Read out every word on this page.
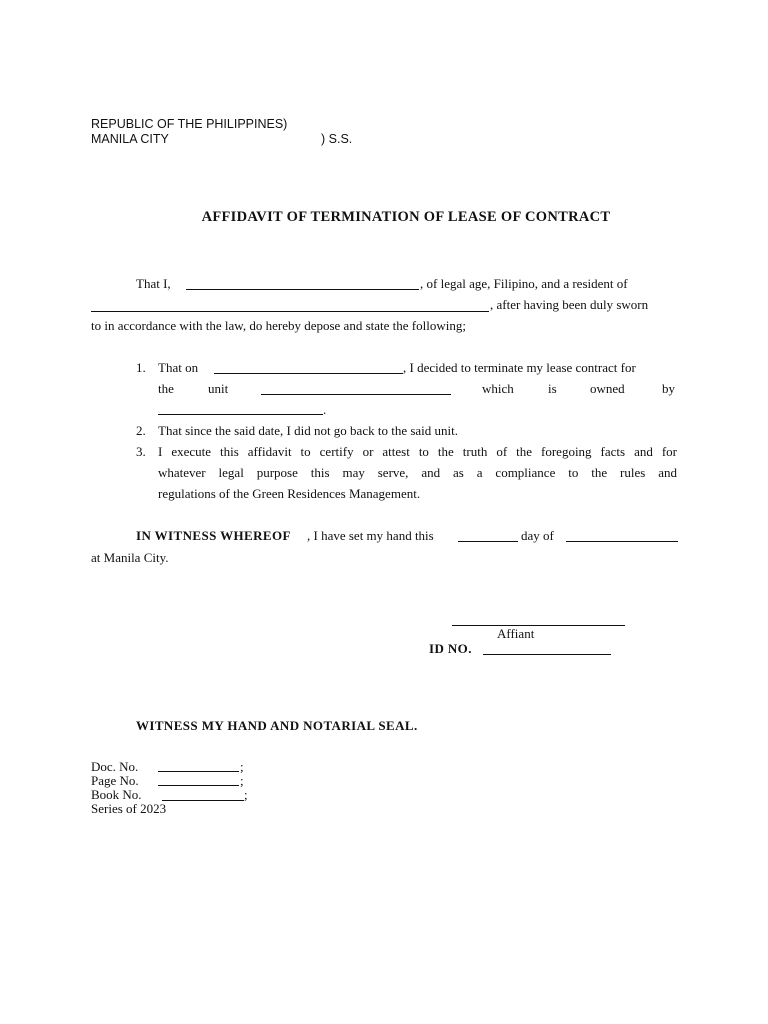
REPUBLIC OF THE PHILIPPINES)
MANILA CITY	) S.S.
AFFIDAVIT OF TERMINATION OF LEASE OF CONTRACT
That I,	, of legal age, Filipino, and a resident of
, after having been duly sworn
to in accordance with the law, do hereby depose and state the following;
1. That on	, I decided to terminate my lease contract for
the	unit	which	is	owned	by
.
2. That since the said date, I did not go back to the said unit.
3. I execute this affidavit to certify or attest to the truth of the foregoing facts and for
whatever legal purpose this may serve, and as a compliance to the rules and
regulations of the Green Residences Management.
IN WITNESS WHEREOF , I have set my hand this	day of
at Manila City.
Affiant
ID NO.
WITNESS MY HAND AND NOTARIAL SEAL.
Doc. No.	;
Page No.	;
Book No.	;
Series of 2023
